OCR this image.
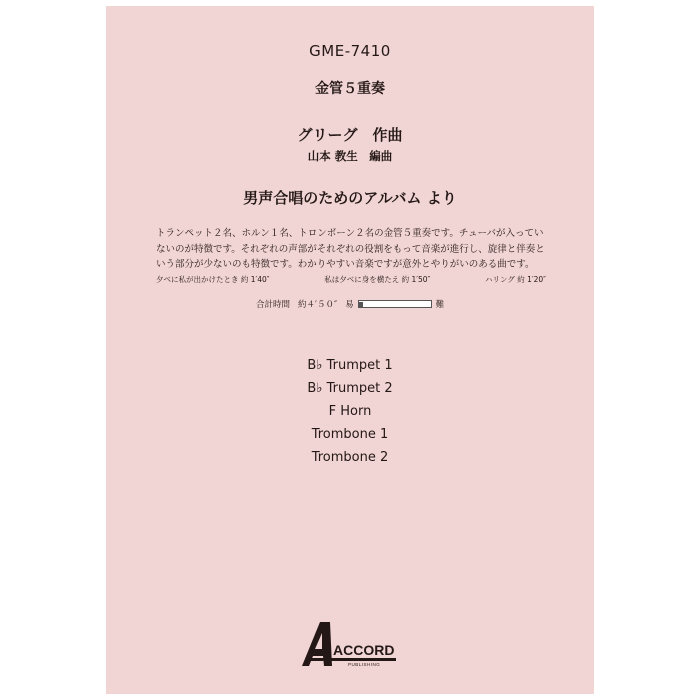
GME-7410
金管５重奏
グリーグ　作曲
山本 教生　編曲
男声合唱のためのアルバム より
トランペット２名、ホルン１名、トロンボーン２名の金管５重奏です。チューバが入っていないのが特徴です。それぞれの声部がそれぞれの役割をもって音楽が進行し、旋律と伴奏という部分が少ないのも特徴です。わかりやすい音楽ですが意外とやりがいのある曲です。
夕べに私が出かけたとき 約 1′40″	私は夕べに身を横たえ 約 1′50″	ハリング 約 1′20″
合計時間 約４′５０″ 易	難
B♭ Trumpet 1
B♭ Trumpet 2
F Horn
Trombone 1
Trombone 2
ACCORD
PUBLISHING
